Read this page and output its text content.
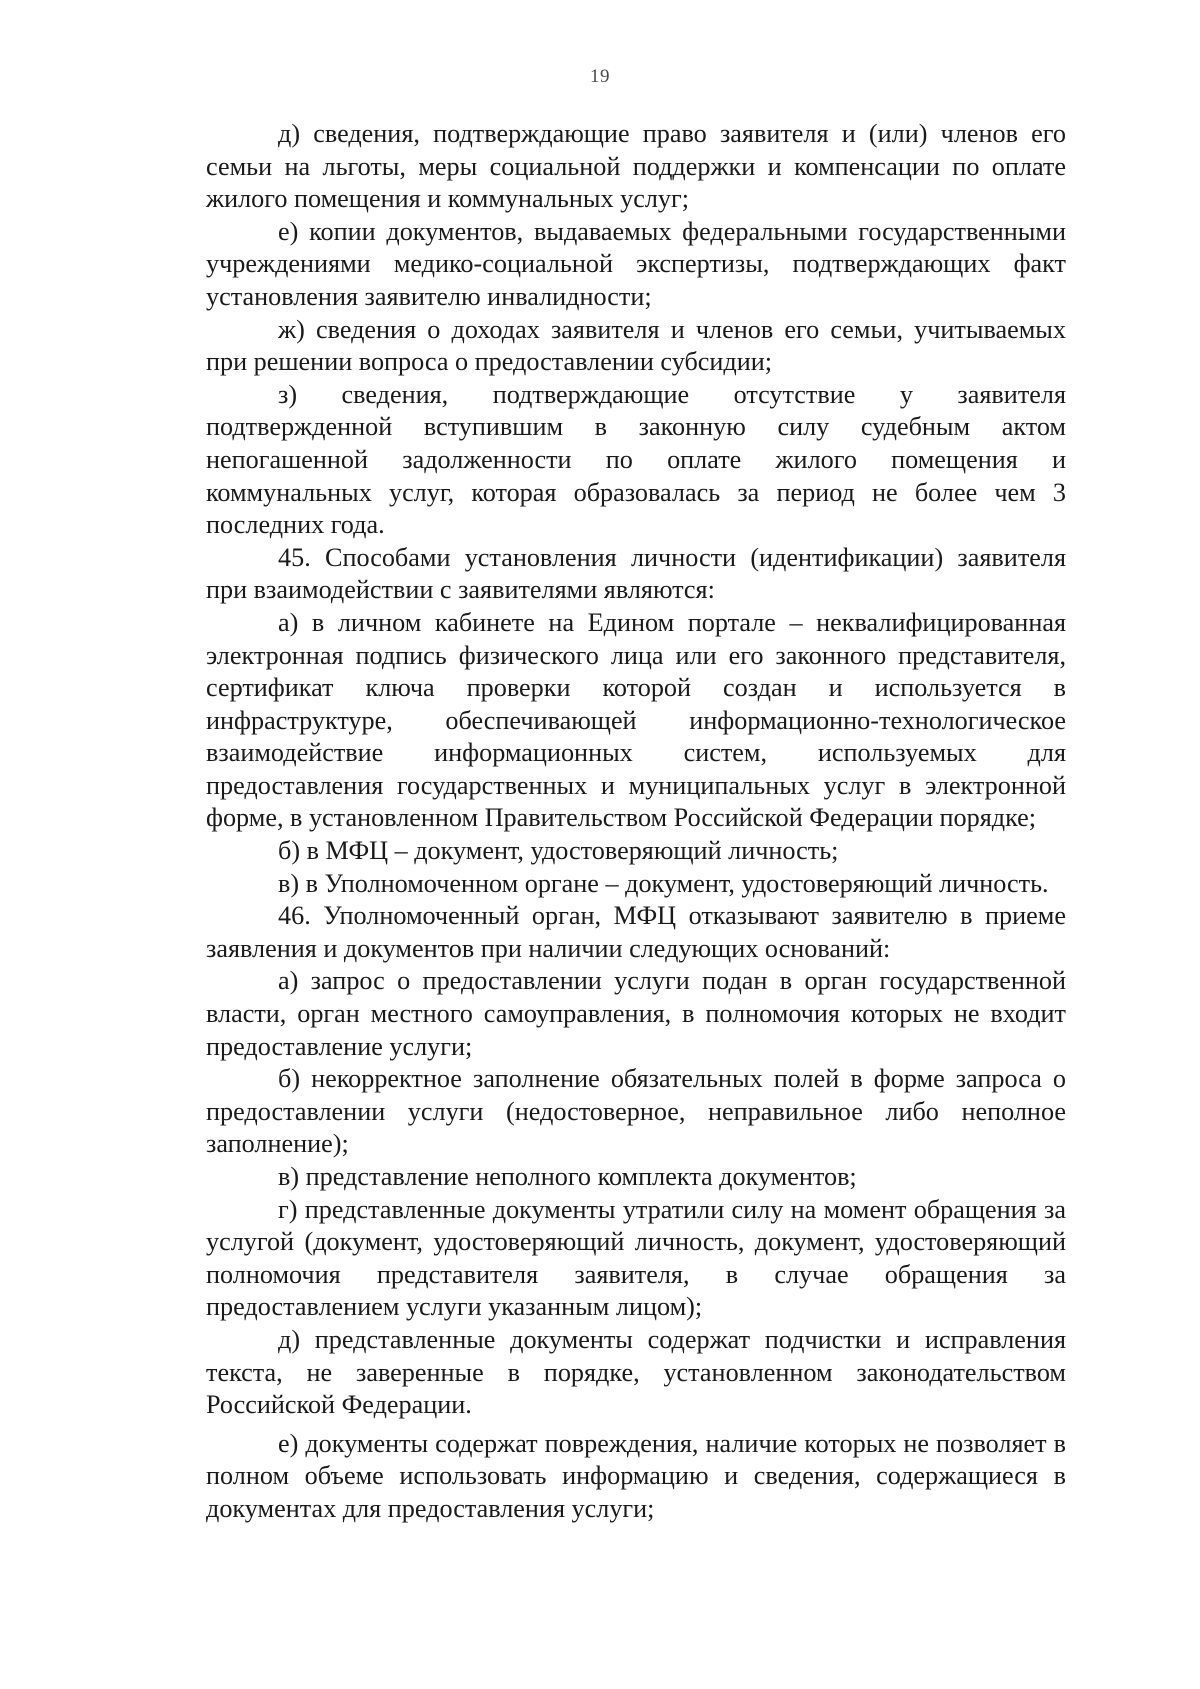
19

д) сведения, подтверждающие право заявителя и (или) членов его семьи на льготы, меры социальной поддержки и компенсации по оплате жилого помещения и коммунальных услуг;

е) копии документов, выдаваемых федеральными государственными учреждениями медико-социальной экспертизы, подтверждающих факт установления заявителю инвалидности;

ж) сведения о доходах заявителя и членов его семьи, учитываемых при решении вопроса о предоставлении субсидии;

з) сведения, подтверждающие отсутствие у заявителя подтвержденной вступившим в законную силу судебным актом непогашенной задолженности по оплате жилого помещения и коммунальных услуг, которая образовалась за период не более чем 3 последних года.

45. Способами установления личности (идентификации) заявителя при взаимодействии с заявителями являются:

а) в личном кабинете на Едином портале – неквалифицированная электронная подпись физического лица или его законного представителя, сертификат ключа проверки которой создан и используется в инфраструктуре, обеспечивающей информационно-технологическое взаимодействие информационных систем, используемых для предоставления государственных и муниципальных услуг в электронной форме, в установленном Правительством Российской Федерации порядке;

б) в МФЦ – документ, удостоверяющий личность;

в) в Уполномоченном органе – документ, удостоверяющий личность.

46. Уполномоченный орган, МФЦ отказывают заявителю в приеме заявления и документов при наличии следующих оснований:

а) запрос о предоставлении услуги подан в орган государственной власти, орган местного самоуправления, в полномочия которых не входит предоставление услуги;

б) некорректное заполнение обязательных полей в форме запроса о предоставлении услуги (недостоверное, неправильное либо неполное заполнение);

в) представление неполного комплекта документов;

г) представленные документы утратили силу на момент обращения за услугой (документ, удостоверяющий личность, документ, удостоверяющий полномочия представителя заявителя, в случае обращения за предоставлением услуги указанным лицом);

д) представленные документы содержат подчистки и исправления текста, не заверенные в порядке, установленном законодательством Российской Федерации.

е) документы содержат повреждения, наличие которых не позволяет в полном объеме использовать информацию и сведения, содержащиеся в документах для предоставления услуги;
